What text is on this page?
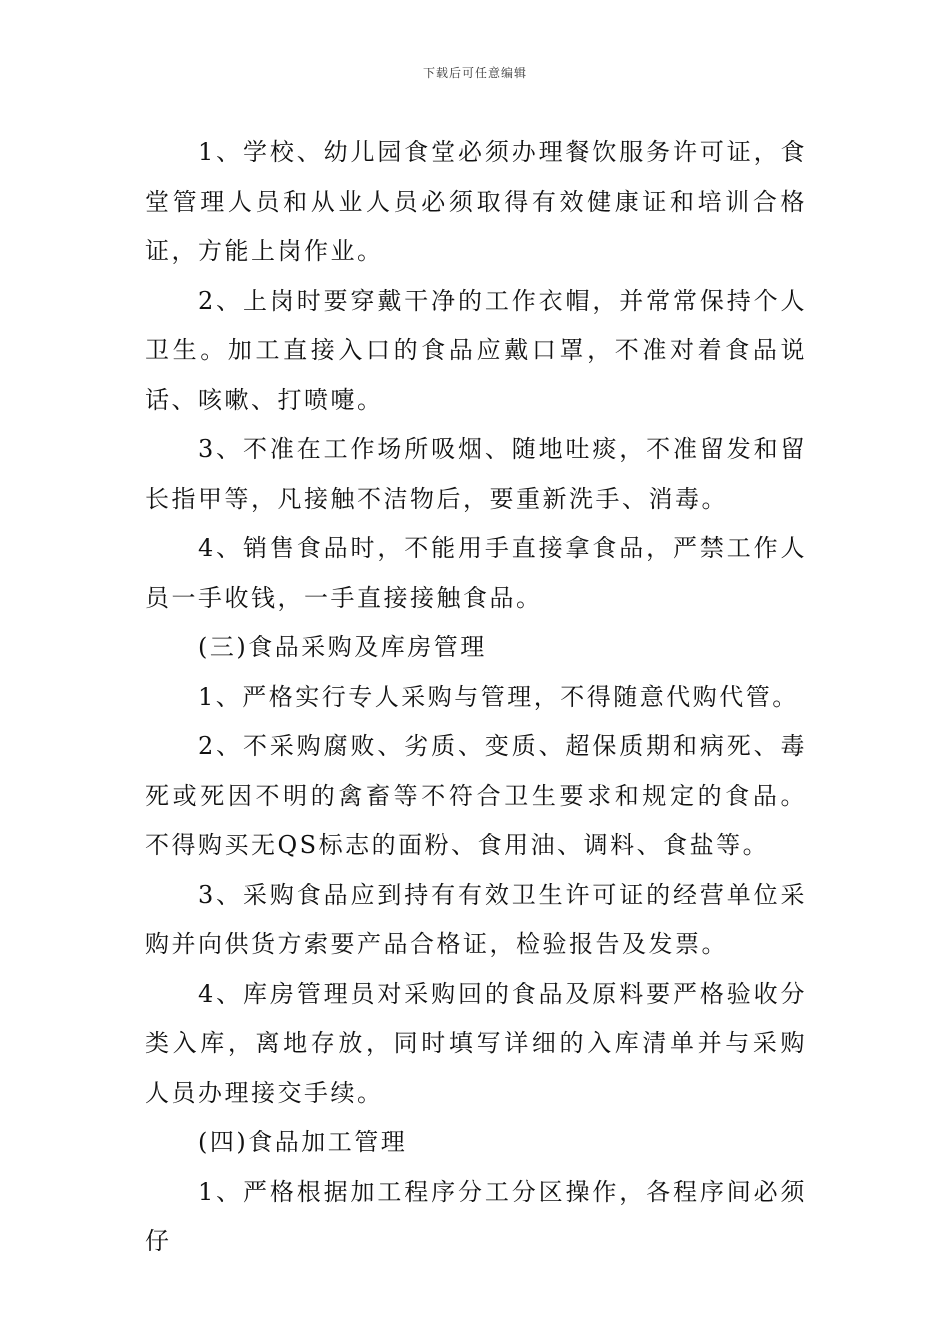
下载后可任意编辑

1、学校、幼儿园食堂必须办理餐饮服务许可证，食堂管理人员和从业人员必须取得有效健康证和培训合格证，方能上岗作业。

2、上岗时要穿戴干净的工作衣帽，并常常保持个人卫生。加工直接入口的食品应戴口罩，不准对着食品说话、咳嗽、打喷嚏。

3、不准在工作场所吸烟、随地吐痰，不准留发和留长指甲等，凡接触不洁物后，要重新洗手、消毒。

4、销售食品时，不能用手直接拿食品，严禁工作人员一手收钱，一手直接接触食品。

(三)食品采购及库房管理

1、严格实行专人采购与管理，不得随意代购代管。

2、不采购腐败、劣质、变质、超保质期和病死、毒死或死因不明的禽畜等不符合卫生要求和规定的食品。不得购买无QS标志的面粉、食用油、调料、食盐等。

3、采购食品应到持有有效卫生许可证的经营单位采购并向供货方索要产品合格证，检验报告及发票。

4、库房管理员对采购回的食品及原料要严格验收分类入库，离地存放，同时填写详细的入库清单并与采购人员办理接交手续。

(四)食品加工管理

1、严格根据加工程序分工分区操作，各程序间必须仔
